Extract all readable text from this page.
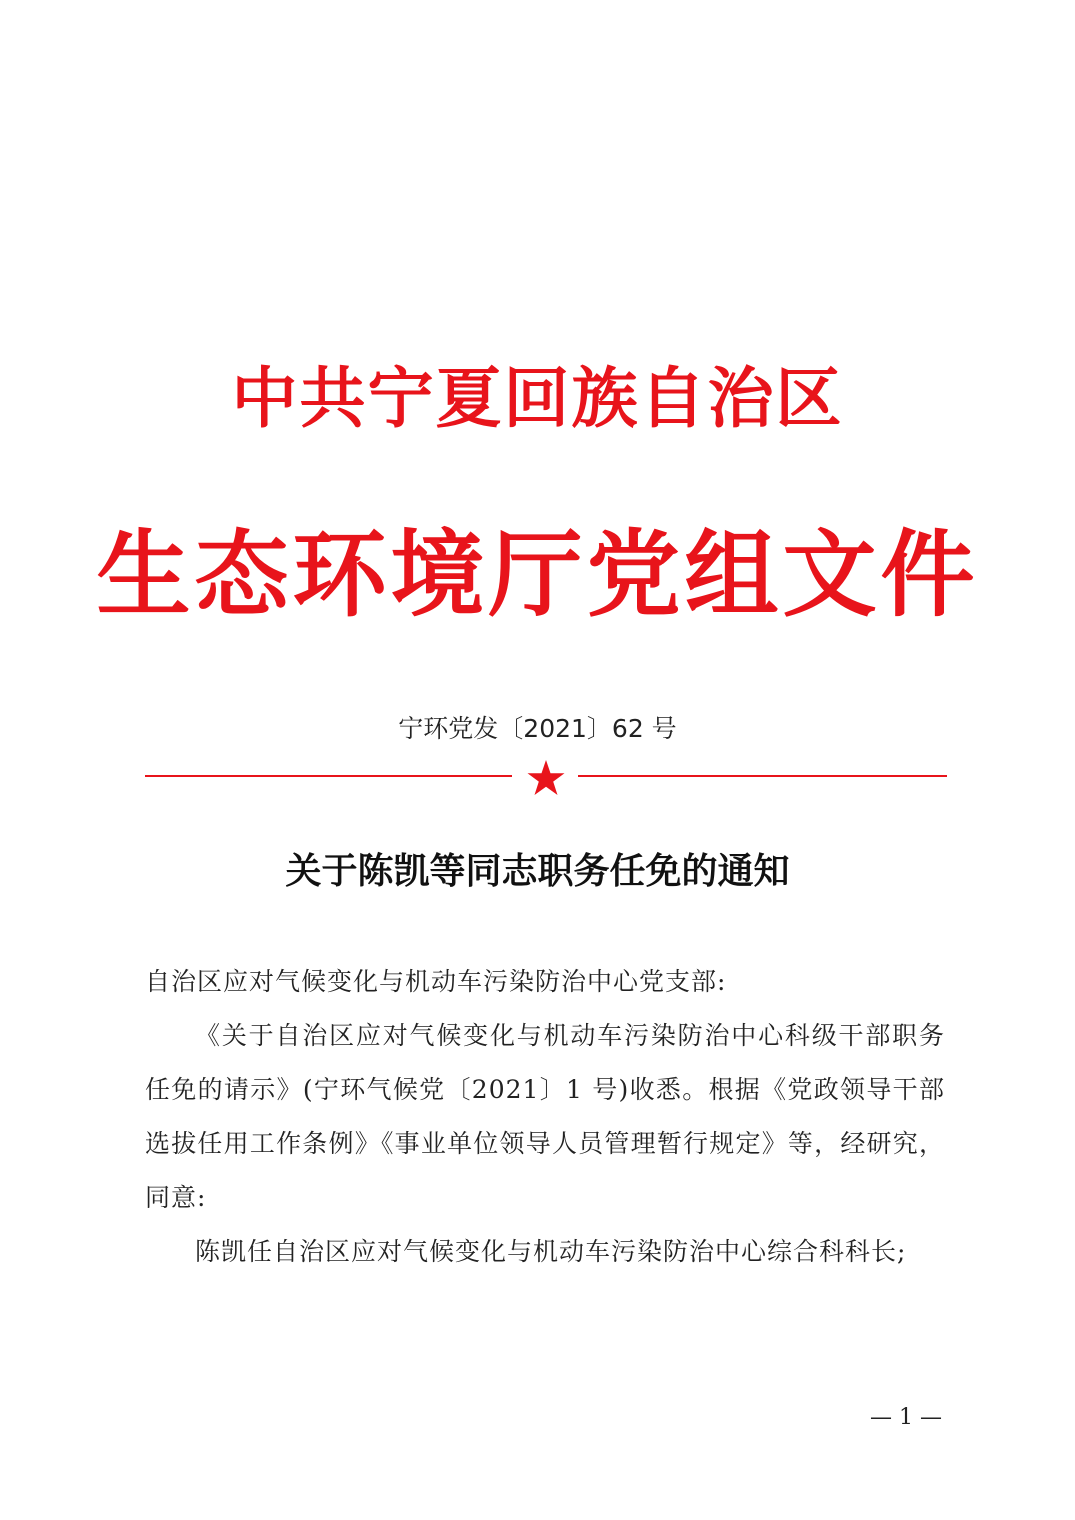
中共宁夏回族自治区
生态环境厅党组文件
宁环党发〔2021〕62 号
关于陈凯等同志职务任免的通知

自治区应对气候变化与机动车污染防治中心党支部:

《关于自治区应对气候变化与机动车污染防治中心科级干部职务任免的请示》(宁环气候党〔2021〕1 号)收悉。根据《党政领导干部选拔任用工作条例》《事业单位领导人员管理暂行规定》等，经研究，同意:

陈凯任自治区应对气候变化与机动车污染防治中心综合科科长;

— 1 —
